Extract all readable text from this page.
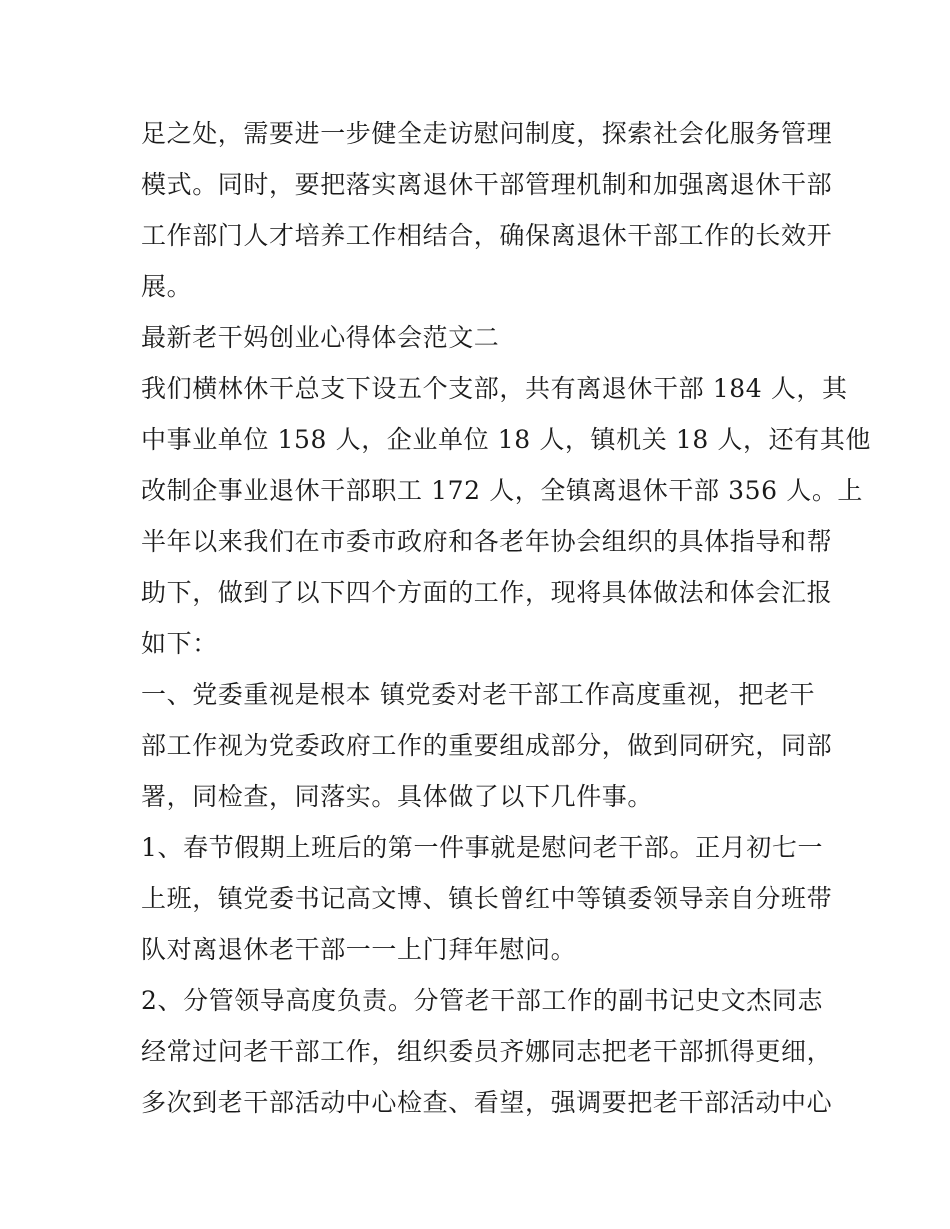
足之处，需要进一步健全走访慰问制度，探索社会化服务管理
模式。同时，要把落实离退休干部管理机制和加强离退休干部
工作部门人才培养工作相结合，确保离退休干部工作的长效开
展。
最新老干妈创业心得体会范文二
我们横林休干总支下设五个支部，共有离退休干部 184 人，其
中事业单位 158 人，企业单位 18 人，镇机关 18 人，还有其他
改制企事业退休干部职工 172 人，全镇离退休干部 356 人。上
半年以来我们在市委市政府和各老年协会组织的具体指导和帮
助下，做到了以下四个方面的工作，现将具体做法和体会汇报
如下：
一、党委重视是根本 镇党委对老干部工作高度重视，把老干
部工作视为党委政府工作的重要组成部分，做到同研究，同部
署，同检查，同落实。具体做了以下几件事。
1、春节假期上班后的第一件事就是慰问老干部。正月初七一
上班，镇党委书记高文博、镇长曾红中等镇委领导亲自分班带
队对离退休老干部一一上门拜年慰问。
2、分管领导高度负责。分管老干部工作的副书记史文杰同志
经常过问老干部工作，组织委员齐娜同志把老干部抓得更细，
多次到老干部活动中心检查、看望，强调要把老干部活动中心
